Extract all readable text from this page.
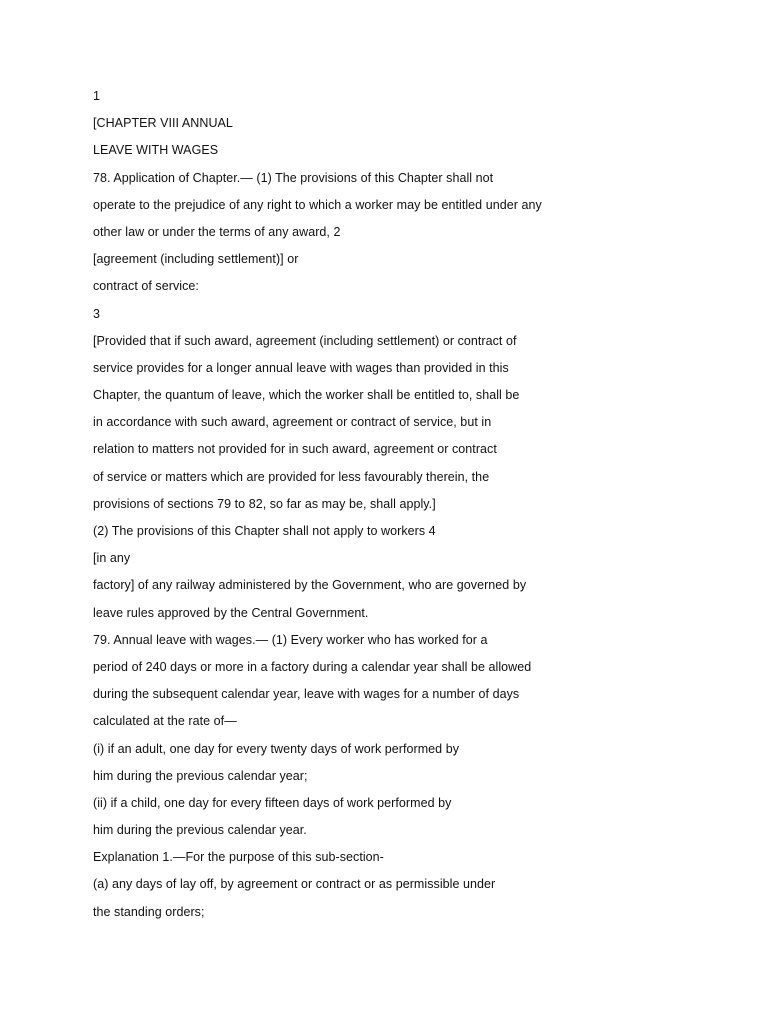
1
[CHAPTER VIII ANNUAL
LEAVE WITH WAGES
78. Application of Chapter.— (1) The provisions of this Chapter shall not
operate to the prejudice of any right to which a worker may be entitled under any
other law or under the terms of any award, 2
[agreement (including settlement)] or
contract of service:
3
[Provided that if such award, agreement (including settlement) or contract of
service provides for a longer annual leave with wages than provided in this
Chapter, the quantum of leave, which the worker shall be entitled to, shall be
in accordance with such award, agreement or contract of service, but in
relation to matters not provided for in such award, agreement or contract
of service or matters which are provided for less favourably therein, the
provisions of sections 79 to 82, so far as may be, shall apply.]
(2) The provisions of this Chapter shall not apply to workers 4
[in any
factory] of any railway administered by the Government, who are governed by
leave rules approved by the Central Government.
79. Annual leave with wages.— (1) Every worker who has worked for a
period of 240 days or more in a factory during a calendar year shall be allowed
during the subsequent calendar year, leave with wages for a number of days
calculated at the rate of—
(i) if an adult, one day for every twenty days of work performed by
him during the previous calendar year;
(ii) if a child, one day for every fifteen days of work performed by
him during the previous calendar year.
Explanation 1.—For the purpose of this sub-section-
(a) any days of lay off, by agreement or contract or as permissible under
the standing orders;
